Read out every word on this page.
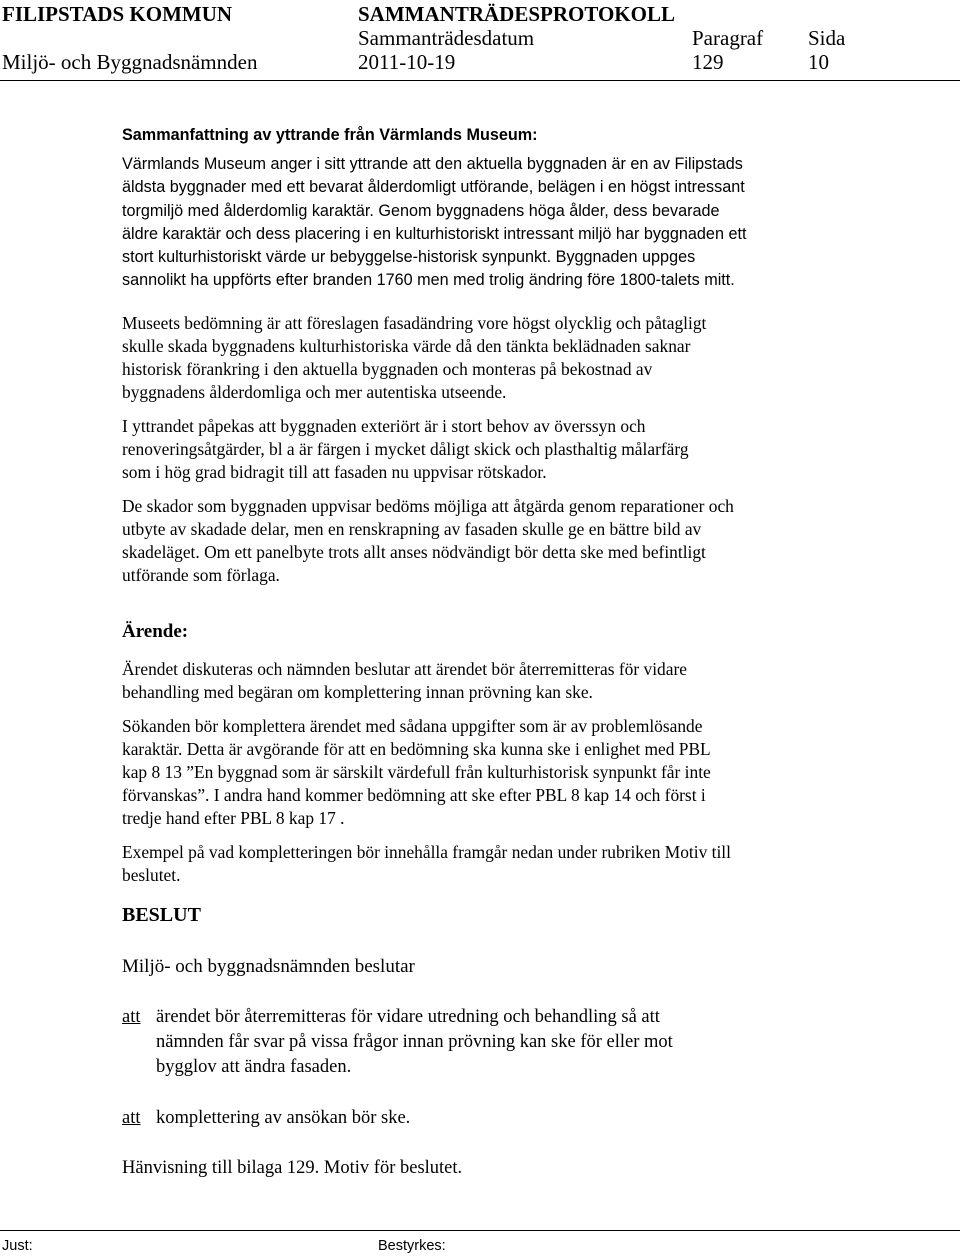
FILIPSTADS KOMMUN	SAMMANTRÄDESPROTOKOLL
Sammanträdesdatum	Paragraf Sida
Miljö- och Byggnadsnämnden	2011-10-19	129	10

Sammanfattning av yttrande från Värmlands Museum:

Värmlands Museum anger i sitt yttrande att den aktuella byggnaden är en av Filipstads
äldsta byggnader med ett bevarat ålderdomligt utförande, belägen i en högst intressant
torgmiljö med ålderdomlig karaktär. Genom byggnadens höga ålder, dess bevarade
äldre karaktär och dess placering i en kulturhistoriskt intressant miljö har byggnaden ett
stort kulturhistoriskt värde ur bebyggelse-historisk synpunkt. Byggnaden uppges
sannolikt ha uppförts efter branden 1760 men med trolig ändring före 1800-talets mitt.

Museets bedömning är att föreslagen fasadändring vore högst olycklig och påtagligt
skulle skada byggnadens kulturhistoriska värde då den tänkta beklädnaden saknar
historisk förankring i den aktuella byggnaden och monteras på bekostnad av
byggnadens ålderdomliga och mer autentiska utseende.

I yttrandet påpekas att byggnaden exteriört är i stort behov av överssyn och
renoveringsåtgärder, bl a är färgen i mycket dåligt skick och plasthaltig målarfärg
som i hög grad bidragit till att fasaden nu uppvisar rötskador.

De skador som byggnaden uppvisar bedöms möjliga att åtgärda genom reparationer och
utbyte av skadade delar, men en renskrapning av fasaden skulle ge en bättre bild av
skadeläget. Om ett panelbyte trots allt anses nödvändigt bör detta ske med befintligt
utförande som förlaga.

Ärende:

Ärendet diskuteras och nämnden beslutar att ärendet bör återremitteras för vidare
behandling med begäran om komplettering innan prövning kan ske.

Sökanden bör komplettera ärendet med sådana uppgifter som är av problemlösande
karaktär. Detta är avgörande för att en bedömning ska kunna ske i enlighet med PBL
kap 8 13 ”En byggnad som är särskilt värdefull från kulturhistorisk synpunkt får inte
förvanskas”. I andra hand kommer bedömning att ske efter PBL 8 kap 14 och först i
tredje hand efter PBL 8 kap 17 .

Exempel på vad kompletteringen bör innehålla framgår nedan under rubriken Motiv till
beslutet.

BESLUT
Miljö- och byggnadsnämnden beslutar
att ärendet bör återremitteras för vidare utredning och behandling så att
nämnden får svar på vissa frågor innan prövning kan ske för eller mot
bygglov att ändra fasaden.
att komplettering av ansökan bör ske.
Hänvisning till bilaga 129. Motiv för beslutet.
Just:	Bestyrkes:
